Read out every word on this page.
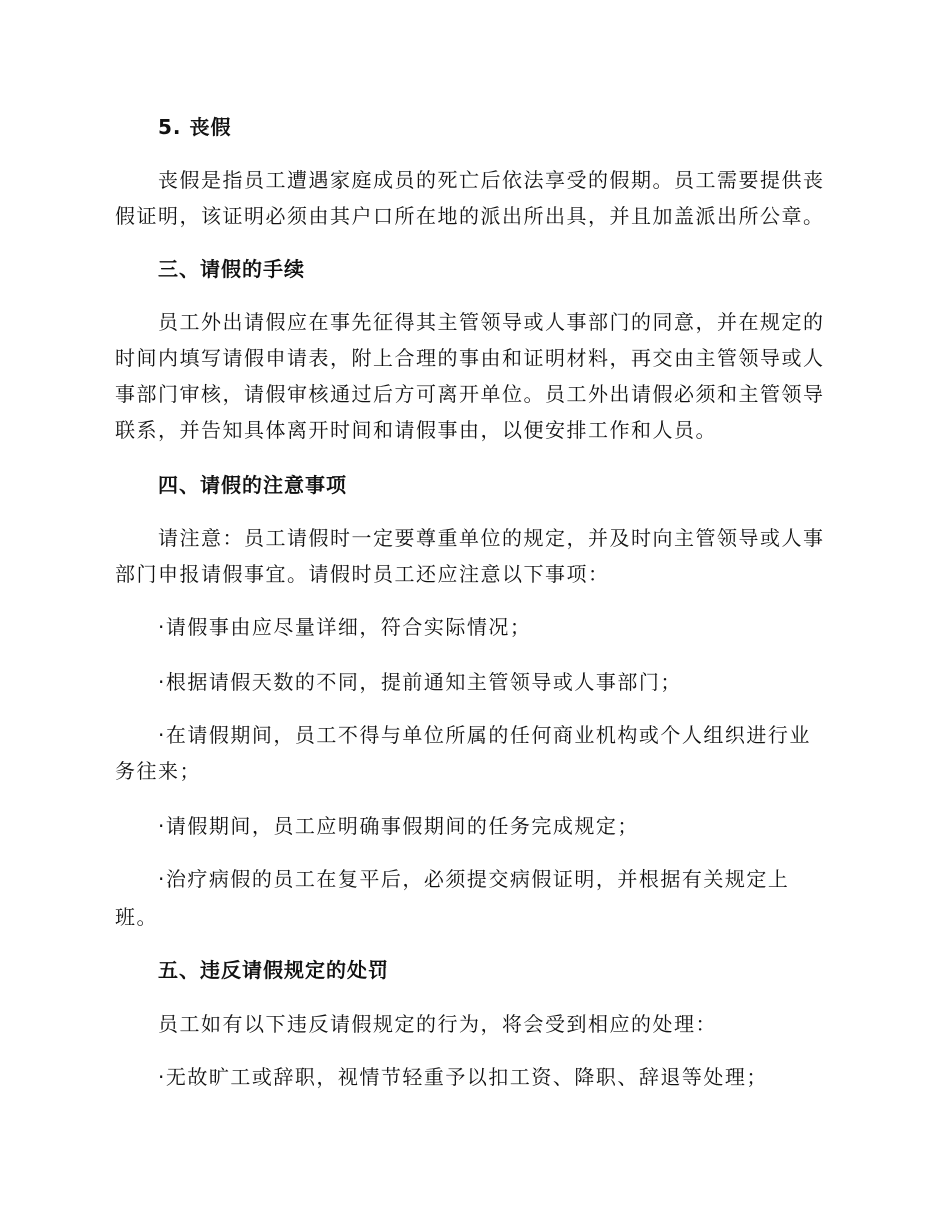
5. 丧假
丧假是指员工遭遇家庭成员的死亡后依法享受的假期。员工需要提供丧
假证明，该证明必须由其户口所在地的派出所出具，并且加盖派出所公章。
三、请假的手续
员工外出请假应在事先征得其主管领导或人事部门的同意，并在规定的
时间内填写请假申请表，附上合理的事由和证明材料，再交由主管领导或人
事部门审核，请假审核通过后方可离开单位。员工外出请假必须和主管领导
联系，并告知具体离开时间和请假事由，以便安排工作和人员。
四、请假的注意事项
请注意：员工请假时一定要尊重单位的规定，并及时向主管领导或人事
部门申报请假事宜。请假时员工还应注意以下事项：
·请假事由应尽量详细，符合实际情况；
·根据请假天数的不同，提前通知主管领导或人事部门；
·在请假期间，员工不得与单位所属的任何商业机构或个人组织进行业
务往来；
·请假期间，员工应明确事假期间的任务完成规定；
·治疗病假的员工在复平后，必须提交病假证明，并根据有关规定上
班。
五、违反请假规定的处罚
员工如有以下违反请假规定的行为，将会受到相应的处理：
·无故旷工或辞职，视情节轻重予以扣工资、降职、辞退等处理；
